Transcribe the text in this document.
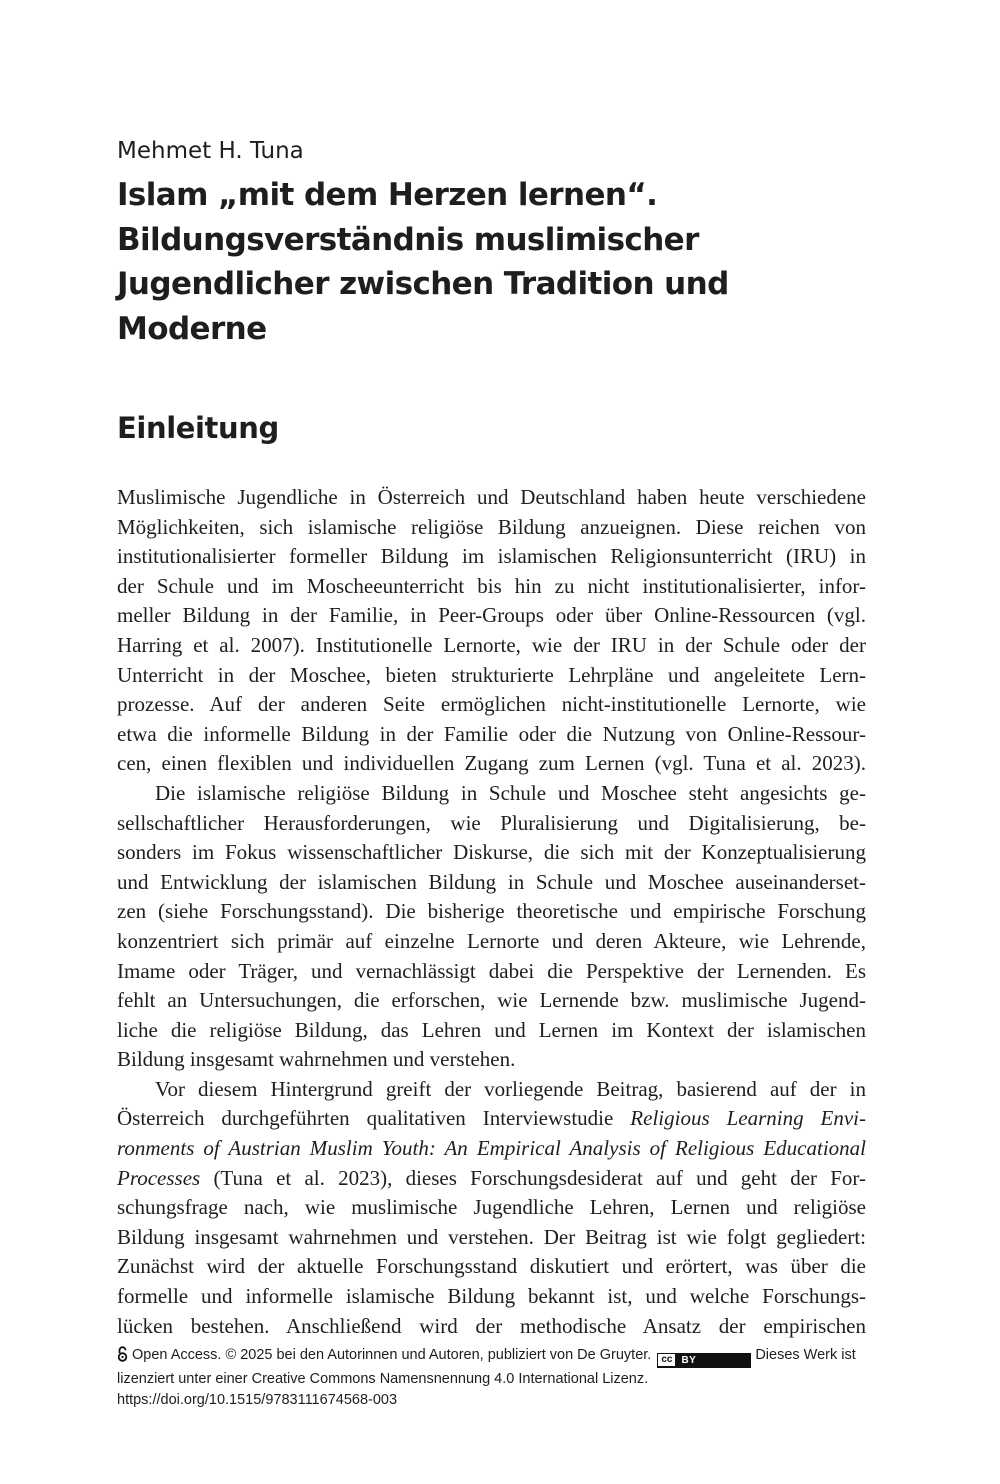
Mehmet H. Tuna
Islam „mit dem Herzen lernen“.
Bildungsverständnis muslimischer
Jugendlicher zwischen Tradition und
Moderne
Einleitung

Muslimische Jugendliche in Österreich und Deutschland haben heute verschiedene
Möglichkeiten, sich islamische religiöse Bildung anzueignen. Diese reichen von
institutionalisierter formeller Bildung im islamischen Religionsunterricht (IRU) in
der Schule und im Moscheeunterricht bis hin zu nicht institutionalisierter, infor-
meller Bildung in der Familie, in Peer-Groups oder über Online-Ressourcen (vgl.
Harring et al. 2007). Institutionelle Lernorte, wie der IRU in der Schule oder der
Unterricht in der Moschee, bieten strukturierte Lehrpläne und angeleitete Lern-
prozesse. Auf der anderen Seite ermöglichen nicht-institutionelle Lernorte, wie
etwa die informelle Bildung in der Familie oder die Nutzung von Online-Ressour-
cen, einen flexiblen und individuellen Zugang zum Lernen (vgl. Tuna et al. 2023).

Die islamische religiöse Bildung in Schule und Moschee steht angesichts ge-
sellschaftlicher Herausforderungen, wie Pluralisierung und Digitalisierung, be-
sonders im Fokus wissenschaftlicher Diskurse, die sich mit der Konzeptualisierung
und Entwicklung der islamischen Bildung in Schule und Moschee auseinanderset-
zen (siehe Forschungsstand). Die bisherige theoretische und empirische Forschung
konzentriert sich primär auf einzelne Lernorte und deren Akteure, wie Lehrende,
Imame oder Träger, und vernachlässigt dabei die Perspektive der Lernenden. Es
fehlt an Untersuchungen, die erforschen, wie Lernende bzw. muslimische Jugend-
liche die religiöse Bildung, das Lehren und Lernen im Kontext der islamischen
Bildung insgesamt wahrnehmen und verstehen.

Vor diesem Hintergrund greift der vorliegende Beitrag, basierend auf der in
Österreich durchgeführten qualitativen Interviewstudie Religious Learning Envi-
ronments of Austrian Muslim Youth: An Empirical Analysis of Religious Educational
Processes (Tuna et al. 2023), dieses Forschungsdesiderat auf und geht der For-
schungsfrage nach, wie muslimische Jugendliche Lehren, Lernen und religiöse
Bildung insgesamt wahrnehmen und verstehen. Der Beitrag ist wie folgt gegliedert:
Zunächst wird der aktuelle Forschungsstand diskutiert und erörtert, was über die
formelle und informelle islamische Bildung bekannt ist, und welche Forschungs-
lücken bestehen. Anschließend wird der methodische Ansatz der empirischen

Open Access. © 2025 bei den Autorinnen und Autoren, publiziert von De Gruyter.	cc BY	Dieses Werk ist
lizenziert unter einer Creative Commons Namensnennung 4.0 International Lizenz.
https://doi.org/10.1515/9783111674568-003
